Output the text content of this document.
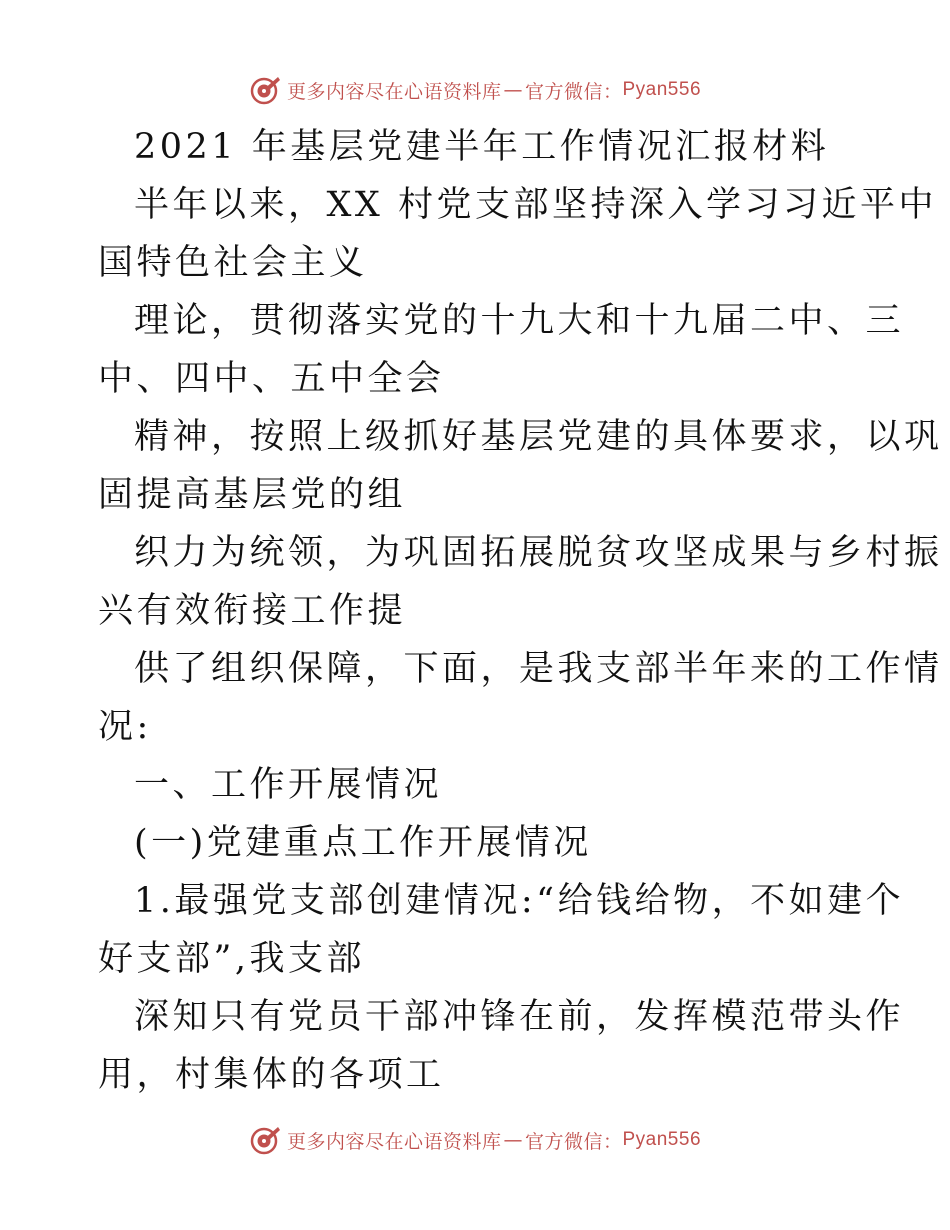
更多内容尽在心语资料库 — 官方微信： Pyan556

2021 年基层党建半年工作情况汇报材料

半年以来，XX 村党支部坚持深入学习习近平中

国特色社会主义

理论，贯彻落实党的十九大和十九届二中、三

中、四中、五中全会

精神，按照上级抓好基层党建的具体要求，以巩

固提高基层党的组

织力为统领，为巩固拓展脱贫攻坚成果与乡村振

兴有效衔接工作提

供了组织保障，下面，是我支部半年来的工作情

况:

一、工作开展情况

(一)党建重点工作开展情况

1.最强党支部创建情况:“给钱给物，不如建个

好支部”,我支部

深知只有党员干部冲锋在前，发挥模范带头作

用，村集体的各项工

更多内容尽在心语资料库 — 官方微信： Pyan556
